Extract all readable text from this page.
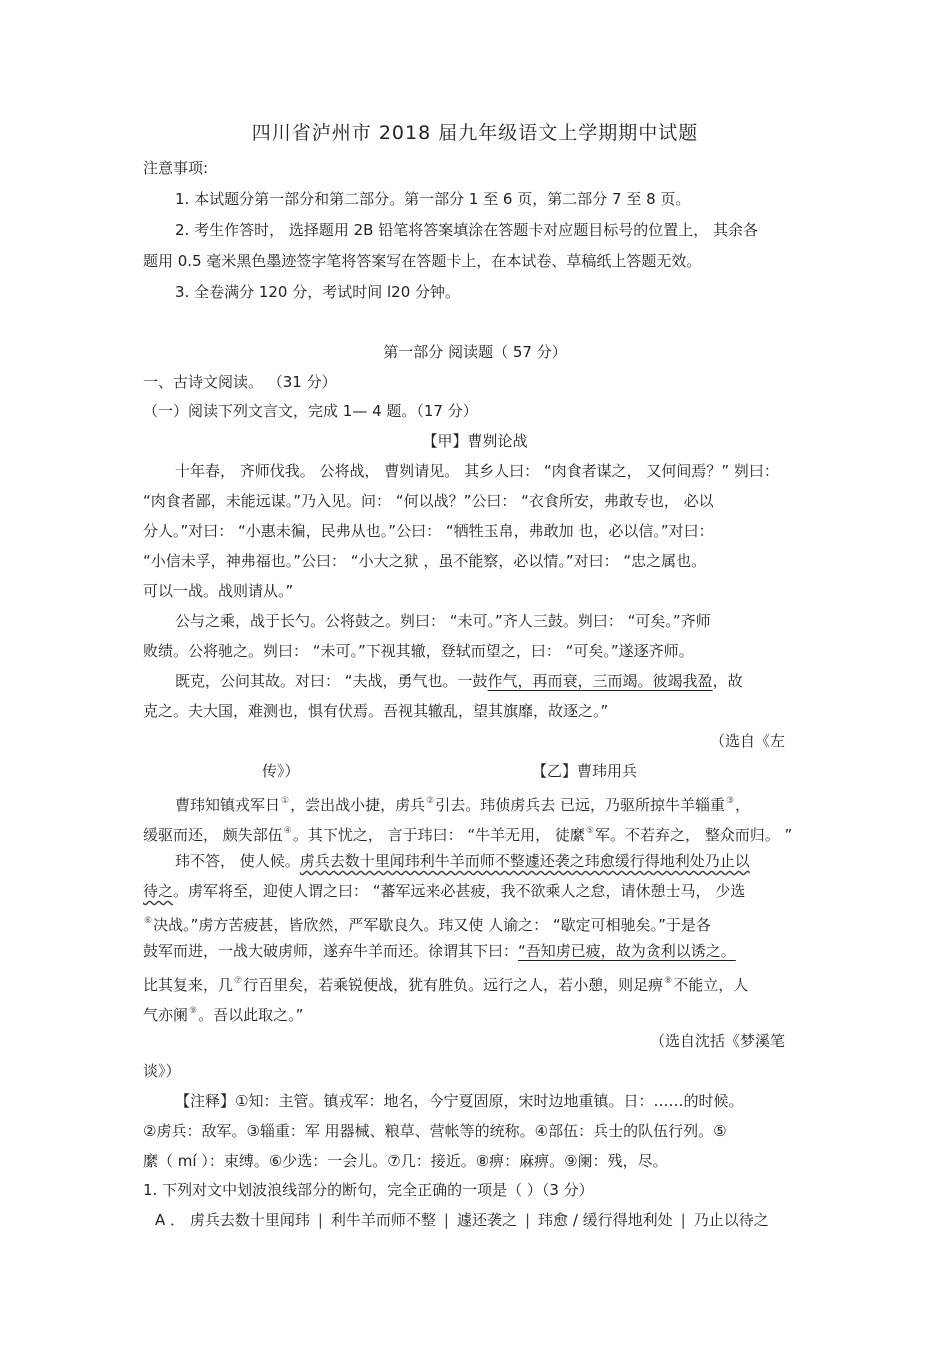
四川省泸州市 2018 届九年级语文上学期期中试题
注意事项:
1. 本试题分第一部分和第二部分。第一部分 1 至 6 页，第二部分 7 至 8 页。
2. 考生作答时， 选择题用 2B 铅笔将答案填涂在答题卡对应题目标号的位置上， 其余各
题用 0.5 毫米黑色墨迹签字笔将答案写在答题卡上，在本试卷、草稿纸上答题无效。
3. 全卷满分 120 分，考试时间 l20 分钟。
第一部分 阅读题（ 57 分）
一、古诗文阅读。 （31 分）
（一）阅读下列文言文，完成 1— 4 题。（17 分）
【甲】曹刿论战
十年春， 齐师伐我。 公将战， 曹刿请见。 其乡人曰： “肉食者谋之， 又何间焉？” 刿曰：
“肉食者鄙，未能远谋。”乃入见。问： “何以战？”公曰： “衣食所安，弗敢专也， 必以
分人。”对曰： “小惠未徧，民弗从也。”公曰： “牺牲玉帛，弗敢加 也，必以信。”对曰：
“小信未孚，神弗福也。”公曰： “小大之狱 ，虽不能察，必以情。”对曰： “忠之属也。
可以一战。战则请从。”
公与之乘，战于长勺。公将鼓之。刿曰： “未可。”齐人三鼓。刿曰： “可矣。”齐师
败绩。公将驰之。刿曰： “未可。”下视其辙，登轼而望之，曰： “可矣。”遂逐齐师。
既克，公问其故。对曰： “夫战，勇气也。一鼓作气，再而衰，三而竭。彼竭我盈，故
克之。夫大国，难测也，惧有伏焉。吾视其辙乱，望其旗靡，故逐之。”
（选自《左
传》）	【乙】曹玮用兵
曹玮知镇戎军日①，尝出战小捷，虏兵②引去。玮侦虏兵去 已远，乃驱所掠牛羊辎重③，
缓驱而还， 颇失部伍④。其下忧之， 言于玮曰： “牛羊无用， 徒縻⑤军。不若弃之， 整众而归。 ”
玮不答， 使人候。虏兵去数十里闻玮利牛羊而师不整遽还袭之玮愈缓行得地利处乃止以
待之。虏军将至，迎使人谓之曰： “蕃军远来必甚疲，我不欲乘人之怠，请休憩士马， 少选
⑥决战。”虏方苦疲甚，皆欣然，严军歇良久。玮又使 人谕之： “歇定可相驰矣。”于是各
鼓军而进，一战大破虏师，遂弃牛羊而还。徐谓其下曰：“吾知虏已疲，故为贪利以诱之。
比其复来，几⑦行百里矣，若乘锐便战，犹有胜负。远行之人，若小憩，则足痹⑧不能立，人
气亦阑⑨。吾以此取之。”
（选自沈括《梦溪笔
谈》）
【注释】①知：主管。镇戎军：地名，今宁夏固原，宋时边地重镇。日：……的时候。
②虏兵：敌军。③辎重：军 用器械、粮草、营帐等的统称。④部伍：兵士的队伍行列。⑤
縻（ mí ）：束缚。⑥少选：一会儿。⑦几：接近。⑧痹：麻痹。⑨阑：残，尽。
1. 下列对文中划波浪线部分的断句，完全正确的一项是（ ）（3 分）
A ． 虏兵去数十里闻玮 | 利牛羊而师不整 | 遽还袭之 | 玮愈 / 缓行得地利处 | 乃止以待之
